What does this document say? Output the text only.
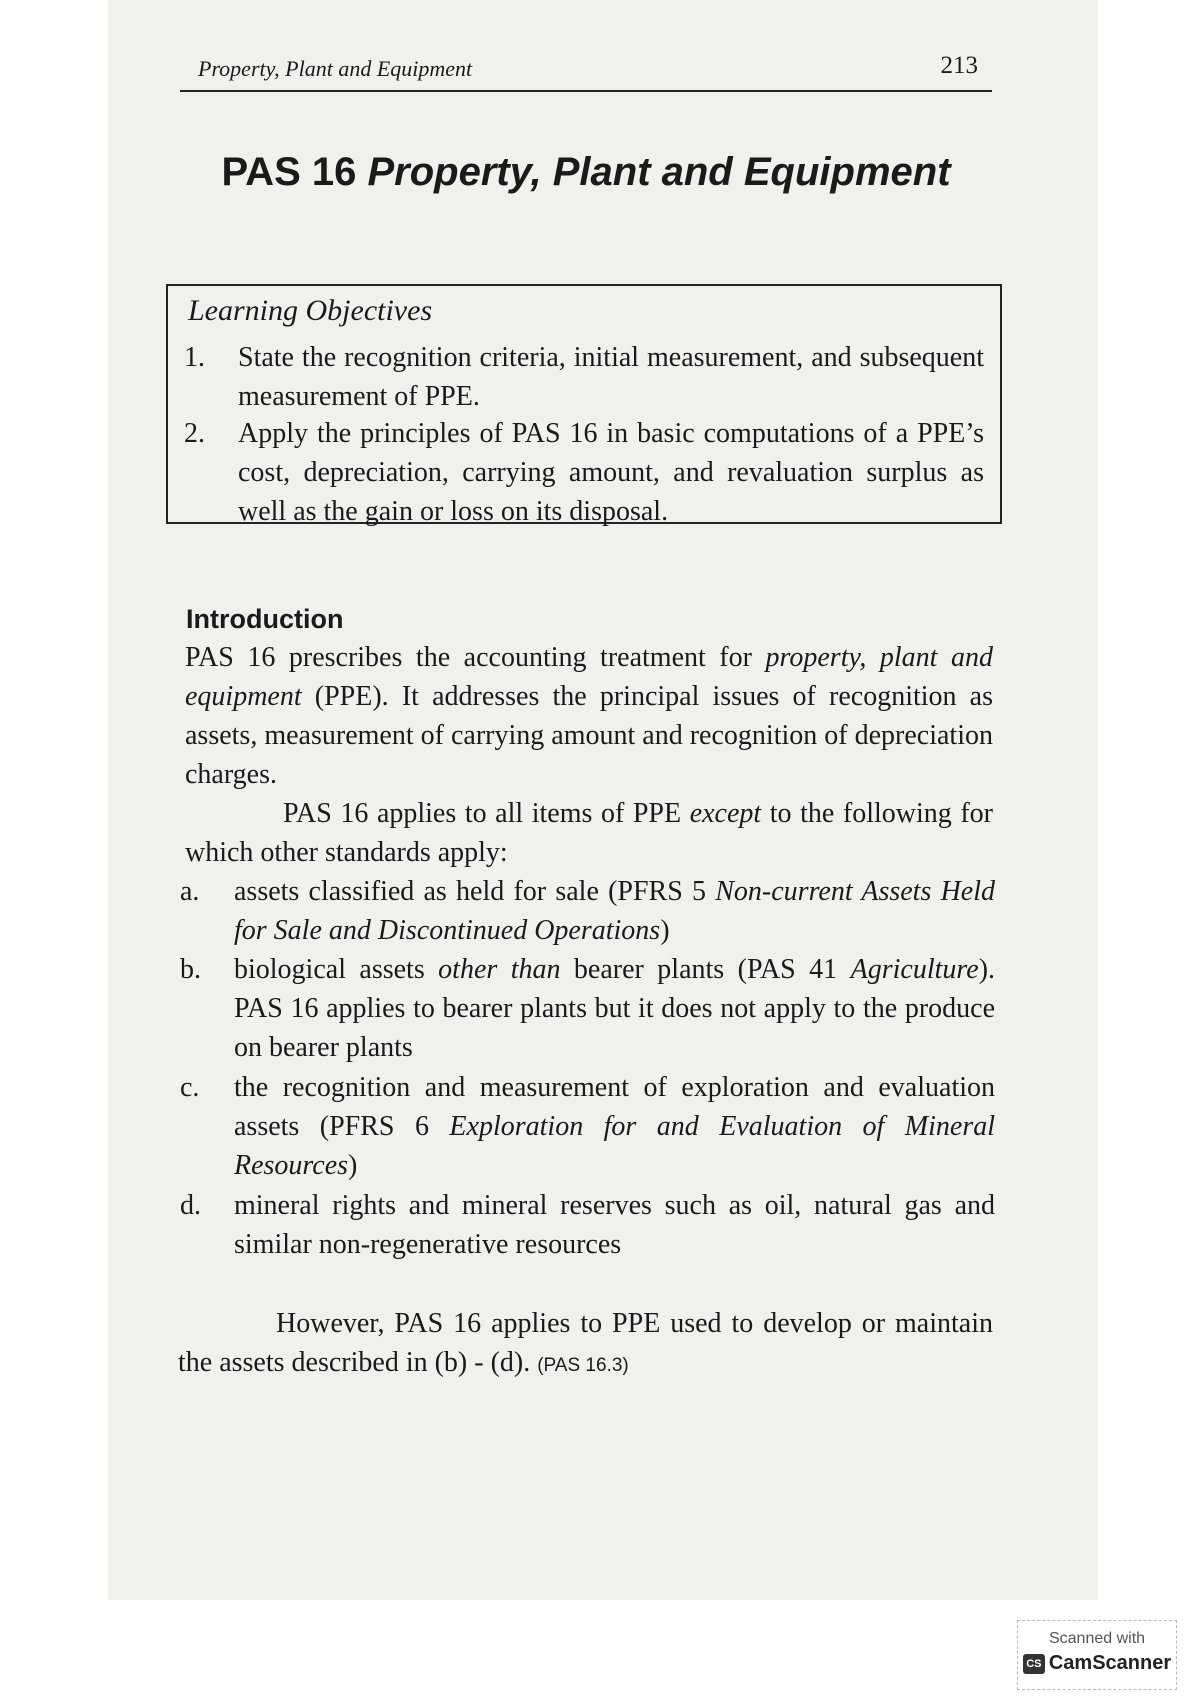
Property, Plant and Equipment	213
PAS 16 Property, Plant and Equipment
Learning Objectives
1. State the recognition criteria, initial measurement, and subsequent measurement of PPE.
2. Apply the principles of PAS 16 in basic computations of a PPE’s cost, depreciation, carrying amount, and revaluation surplus as well as the gain or loss on its disposal.
Introduction
PAS 16 prescribes the accounting treatment for property, plant and equipment (PPE). It addresses the principal issues of recognition as assets, measurement of carrying amount and recognition of depreciation charges.
PAS 16 applies to all items of PPE except to the following for which other standards apply:
a. assets classified as held for sale (PFRS 5 Non-current Assets Held for Sale and Discontinued Operations)
b. biological assets other than bearer plants (PAS 41 Agriculture). PAS 16 applies to bearer plants but it does not apply to the produce on bearer plants
c. the recognition and measurement of exploration and evaluation assets (PFRS 6 Exploration for and Evaluation of Mineral Resources)
d. mineral rights and mineral reserves such as oil, natural gas and similar non-regenerative resources
However, PAS 16 applies to PPE used to develop or maintain the assets described in (b) - (d). (PAS 16.3)
Scanned with
CS CamScanner
